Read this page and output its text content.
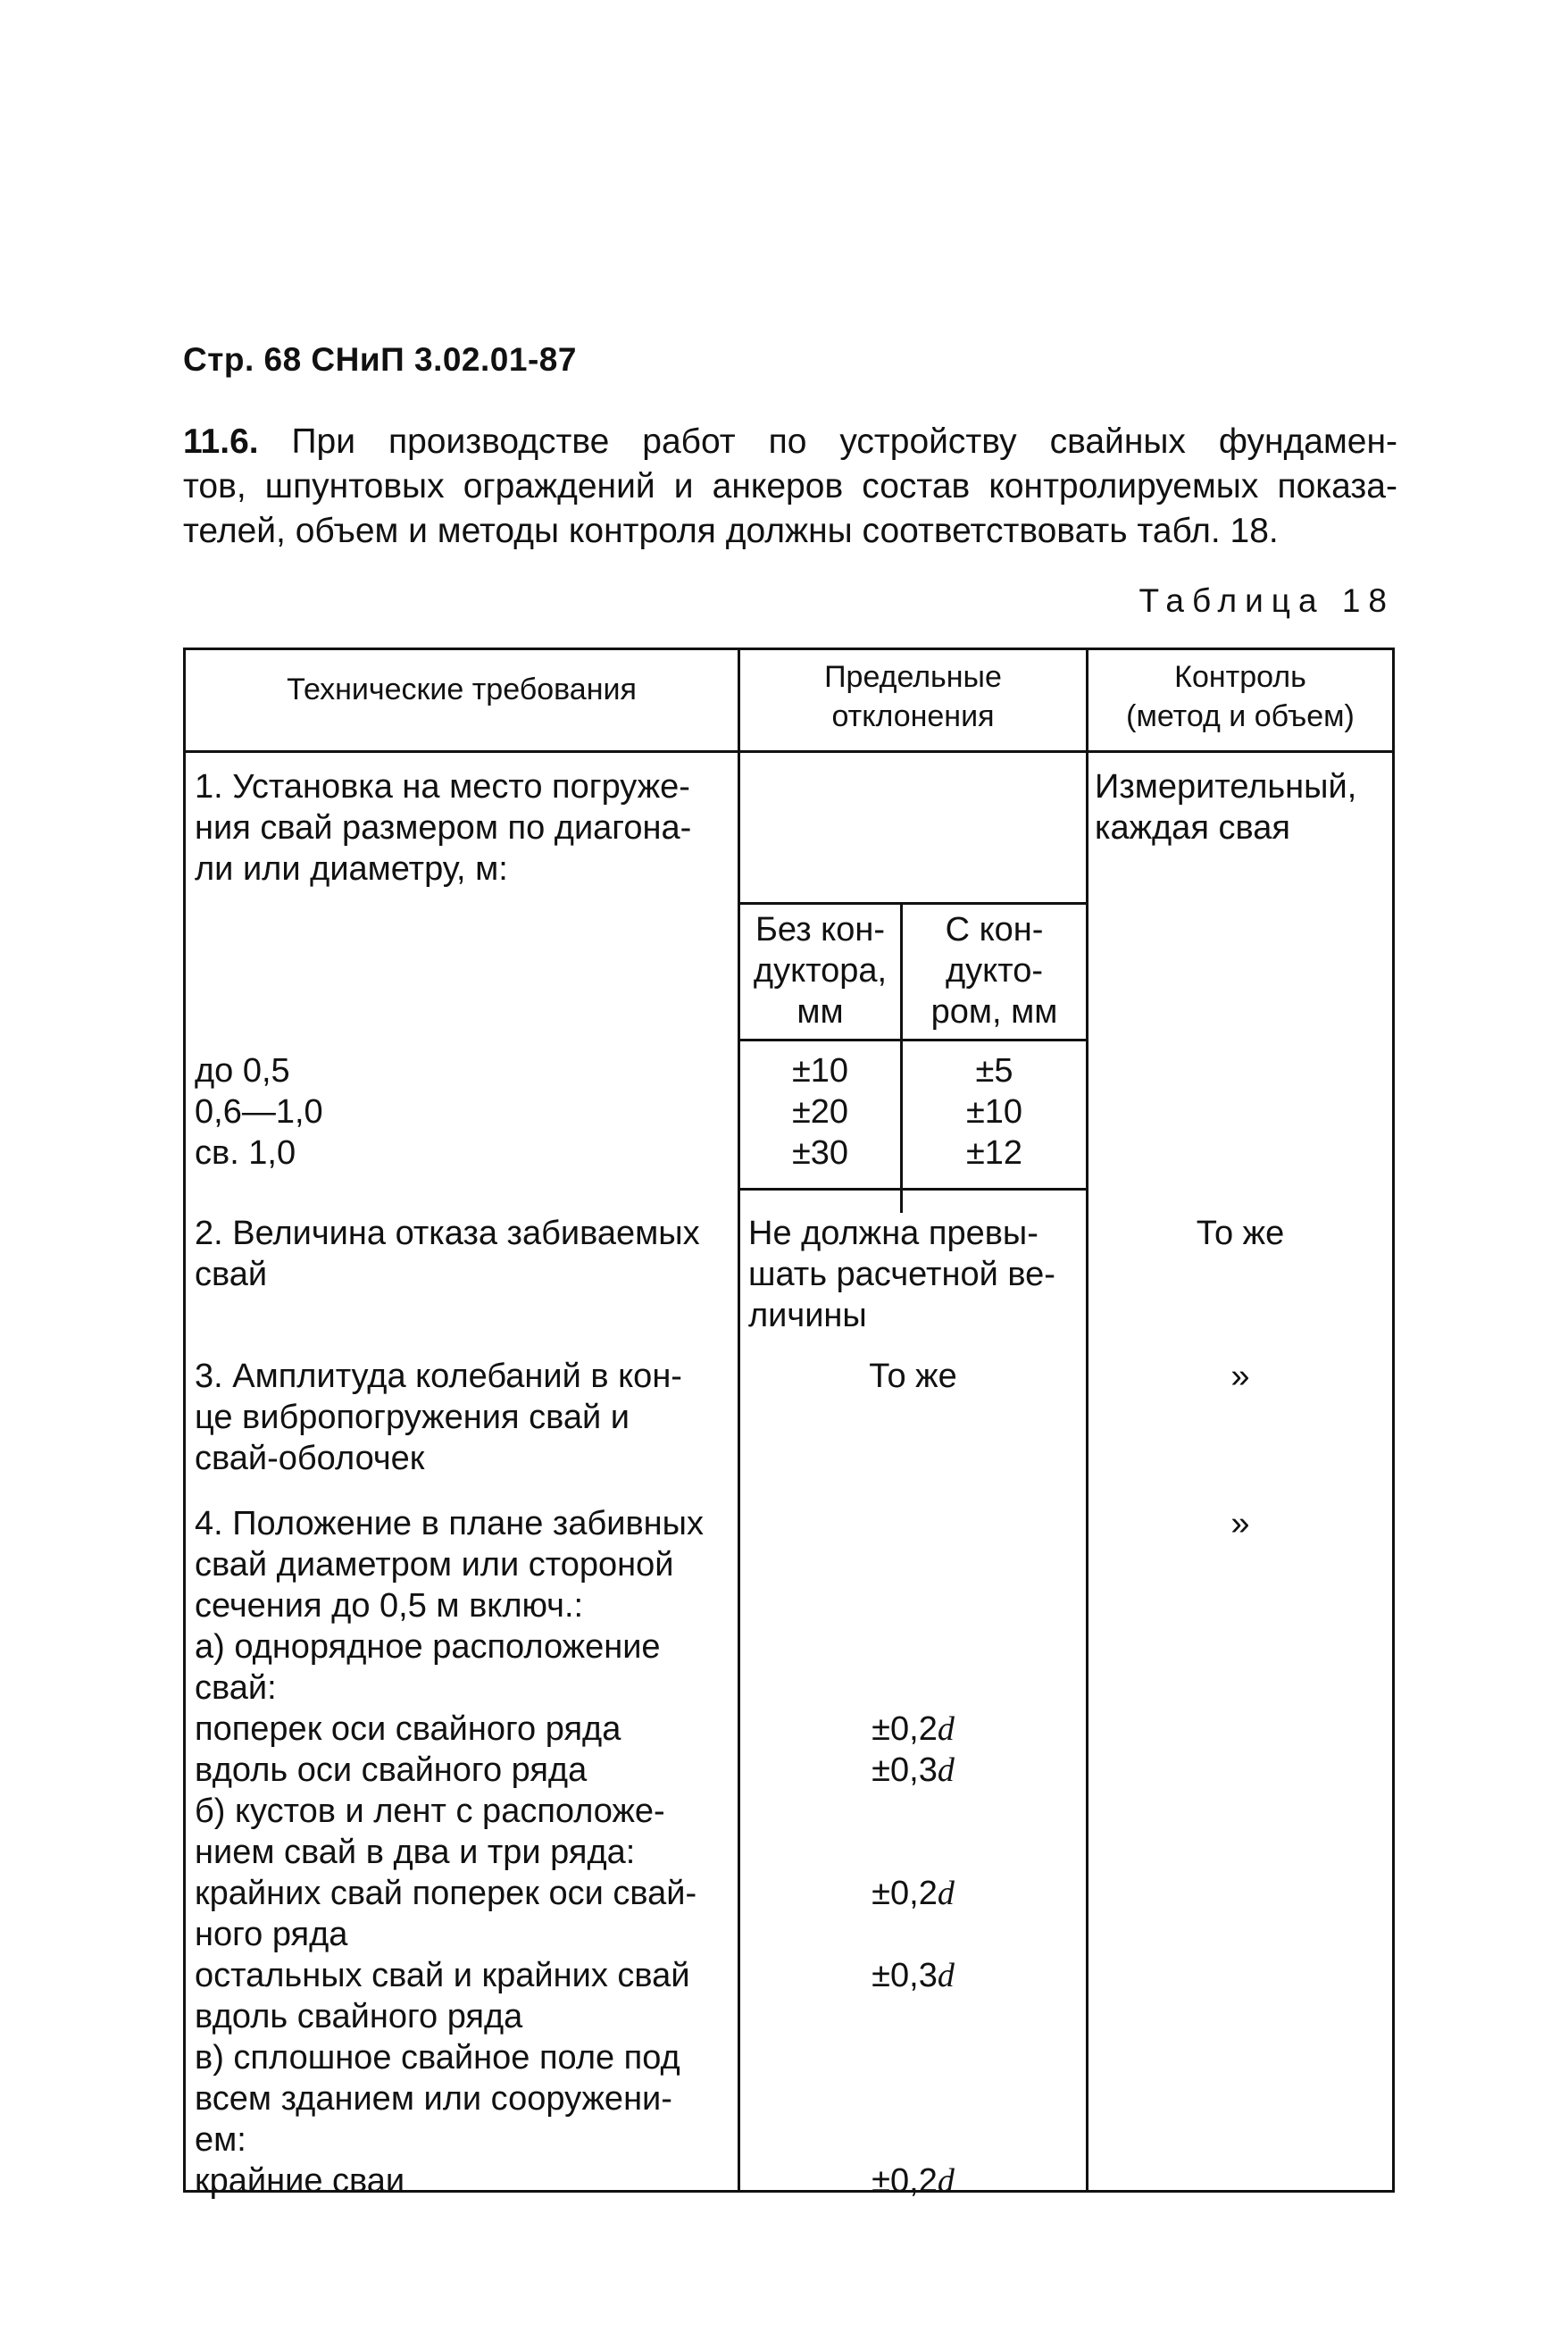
Стр. 68 СНиП 3.02.01-87
11.6. При производстве работ по устройству свайных фундамен-
тов, шпунтовых ограждений и анкеров состав контролируемых показа-
телей, объем и методы контроля должны соответствовать табл. 18.
Таблица 18
Технические требования	Предельные
отклонения
Контроль
(метод и объем)
1. Установка на место погруже-
ния свай размером по диагона-
ли или диаметру, м:
Измерительный,
каждая свая
Без кон-
дуктора,
мм
С кон-
дукто-
ром, мм
до 0,5
0,6—1,0
св. 1,0
±10
±20
±30
±5
±10
±12
2. Величина отказа забиваемых
свай
Не должна превы-
шать расчетной ве-
личины
То же
3. Амплитуда колебаний в кон-
це вибропогружения свай и
свай-оболочек
То же	»
4. Положение в плане забивных
свай диаметром или стороной
сечения до 0,5 м включ.:
а) однорядное расположение
свай:
поперек оси свайного ряда
вдоль оси свайного ряда
б) кустов и лент с расположе-
нием свай в два и три ряда:
крайних свай поперек оси свай-
ного ряда
остальных свай и крайних свай
вдоль свайного ряда
в) сплошное свайное поле под
всем зданием или сооружени-
ем:
крайние сваи
»
±0,2d
±0,3d
±0,2d
±0,3d
±0,2d
